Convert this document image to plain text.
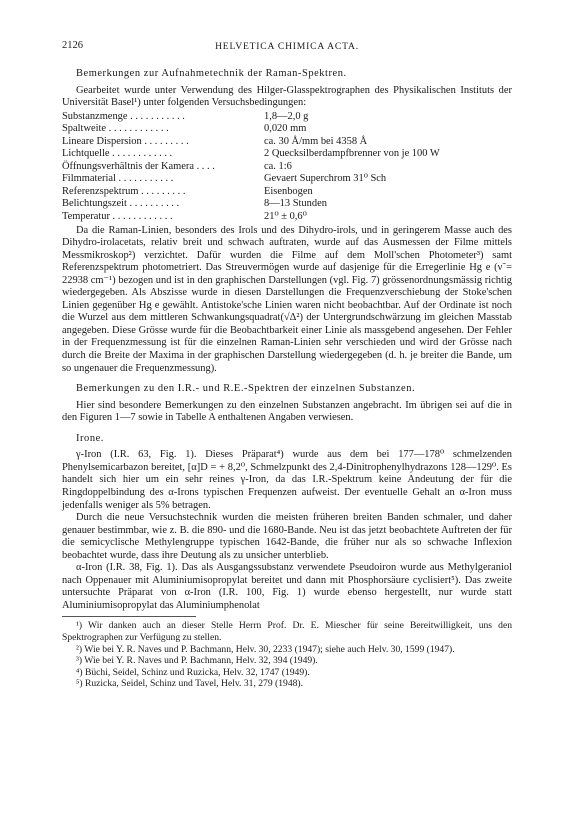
2126	HELVETICA CHIMICA ACTA.

Bemerkungen zur Aufnahmetechnik der Raman-Spektren.

Gearbeitet wurde unter Verwendung des Hilger-Glasspektrographen des Physikalischen Instituts der Universität Basel¹) unter folgenden Versuchsbedingungen:

Substanzmenge . . . . . . . . . . .	1,8—2,0 g
Spaltweite . . . . . . . . . . . .	0,020 mm
Lineare Dispersion . . . . . . . . .	ca. 30 Å/mm bei 4358 Å
Lichtquelle . . . . . . . . . . . .	2 Quecksilberdampfbrenner von je 100 W
Öffnungsverhältnis der Kamera . . . .	ca. 1:6
Filmmaterial . . . . . . . . . . .	Gevaert Superchrom 31⁰ Sch
Referenzspektrum . . . . . . . . .	Eisenbogen
Belichtungszeit . . . . . . . . . .	8—13 Stunden
Temperatur . . . . . . . . . . . .	21⁰ ± 0,6⁰

Da die Raman-Linien, besonders des Irols und des Dihydro-irols, und in geringerem Masse auch des Dihydro-irolacetats, relativ breit und schwach auftraten, wurde auf das Ausmessen der Filme mittels Messmikroskop²) verzichtet. Dafür wurden die Filme auf dem Moll'schen Photometer³) samt Referenzspektrum photometriert. Das Streuvermögen wurde auf dasjenige für die Erregerlinie Hg e (ν̃ = 22938 cm⁻¹) bezogen und ist in den graphischen Darstellungen (vgl. Fig. 7) grössenordnungsmässig richtig wiedergegeben. Als Abszisse wurde in diesen Darstellungen die Frequenzverschiebung der Stoke'schen Linien gegenüber Hg e gewählt. Antistoke'sche Linien waren nicht beobachtbar. Auf der Ordinate ist noch die Wurzel aus dem mittleren Schwankungsquadrat(√Δ²) der Untergrundschwärzung im gleichen Masstab angegeben. Diese Grösse wurde für die Beobachtbarkeit einer Linie als massgebend angesehen. Der Fehler in der Frequenzmessung ist für die einzelnen Raman-Linien sehr verschieden und wird der Grösse nach durch die Breite der Maxima in der graphischen Darstellung wiedergegeben (d. h. je breiter die Bande, um so ungenauer die Frequenzmessung).

Bemerkungen zu den I.R.- und R.E.-Spektren der einzelnen Substanzen.

Hier sind besondere Bemerkungen zu den einzelnen Substanzen angebracht. Im übrigen sei auf die in den Figuren 1—7 sowie in Tabelle A enthaltenen Angaben verwiesen.

Irone.

γ-Iron (I.R. 63, Fig. 1). Dieses Präparat⁴) wurde aus dem bei 177—178⁰ schmelzenden Phenylsemicarbazon bereitet, [α]D = + 8,2⁰, Schmelzpunkt des 2,4-Dinitrophenylhydrazons 128—129⁰. Es handelt sich hier um ein sehr reines γ-Iron, da das I.R.-Spektrum keine Andeutung der für die Ringdoppelbindung des α-Irons typischen Frequenzen aufweist. Der eventuelle Gehalt an α-Iron muss jedenfalls weniger als 5% betragen.

Durch die neue Versuchstechnik wurden die meisten früheren breiten Banden schmaler, und daher genauer bestimmbar, wie z. B. die 890- und die 1680-Bande. Neu ist das jetzt beobachtete Auftreten der für die semicyclische Methylengruppe typischen 1642-Bande, die früher nur als so schwache Inflexion beobachtet wurde, dass ihre Deutung als zu unsicher unterblieb.

α-Iron (I.R. 38, Fig. 1). Das als Ausgangssubstanz verwendete Pseudoiron wurde aus Methylgeraniol nach Oppenauer mit Aluminiumisopropylat bereitet und dann mit Phosphorsäure cyclisiert⁵). Das zweite untersuchte Präparat von α-Iron (I.R. 100, Fig. 1) wurde ebenso hergestellt, nur wurde statt Aluminiumisopropylat das Aluminiumphenolat

¹) Wir danken auch an dieser Stelle Herrn Prof. Dr. E. Miescher für seine Bereitwilligkeit, uns den Spektrographen zur Verfügung zu stellen.

²) Wie bei Y. R. Naves und P. Bachmann, Helv. 30, 2233 (1947); siehe auch Helv. 30, 1599 (1947).

³) Wie bei Y. R. Naves und P. Bachmann, Helv. 32, 394 (1949).

⁴) Büchi, Seidel, Schinz und Ruzicka, Helv. 32, 1747 (1949).

⁵) Ruzicka, Seidel, Schinz und Tavel, Helv. 31, 279 (1948).
